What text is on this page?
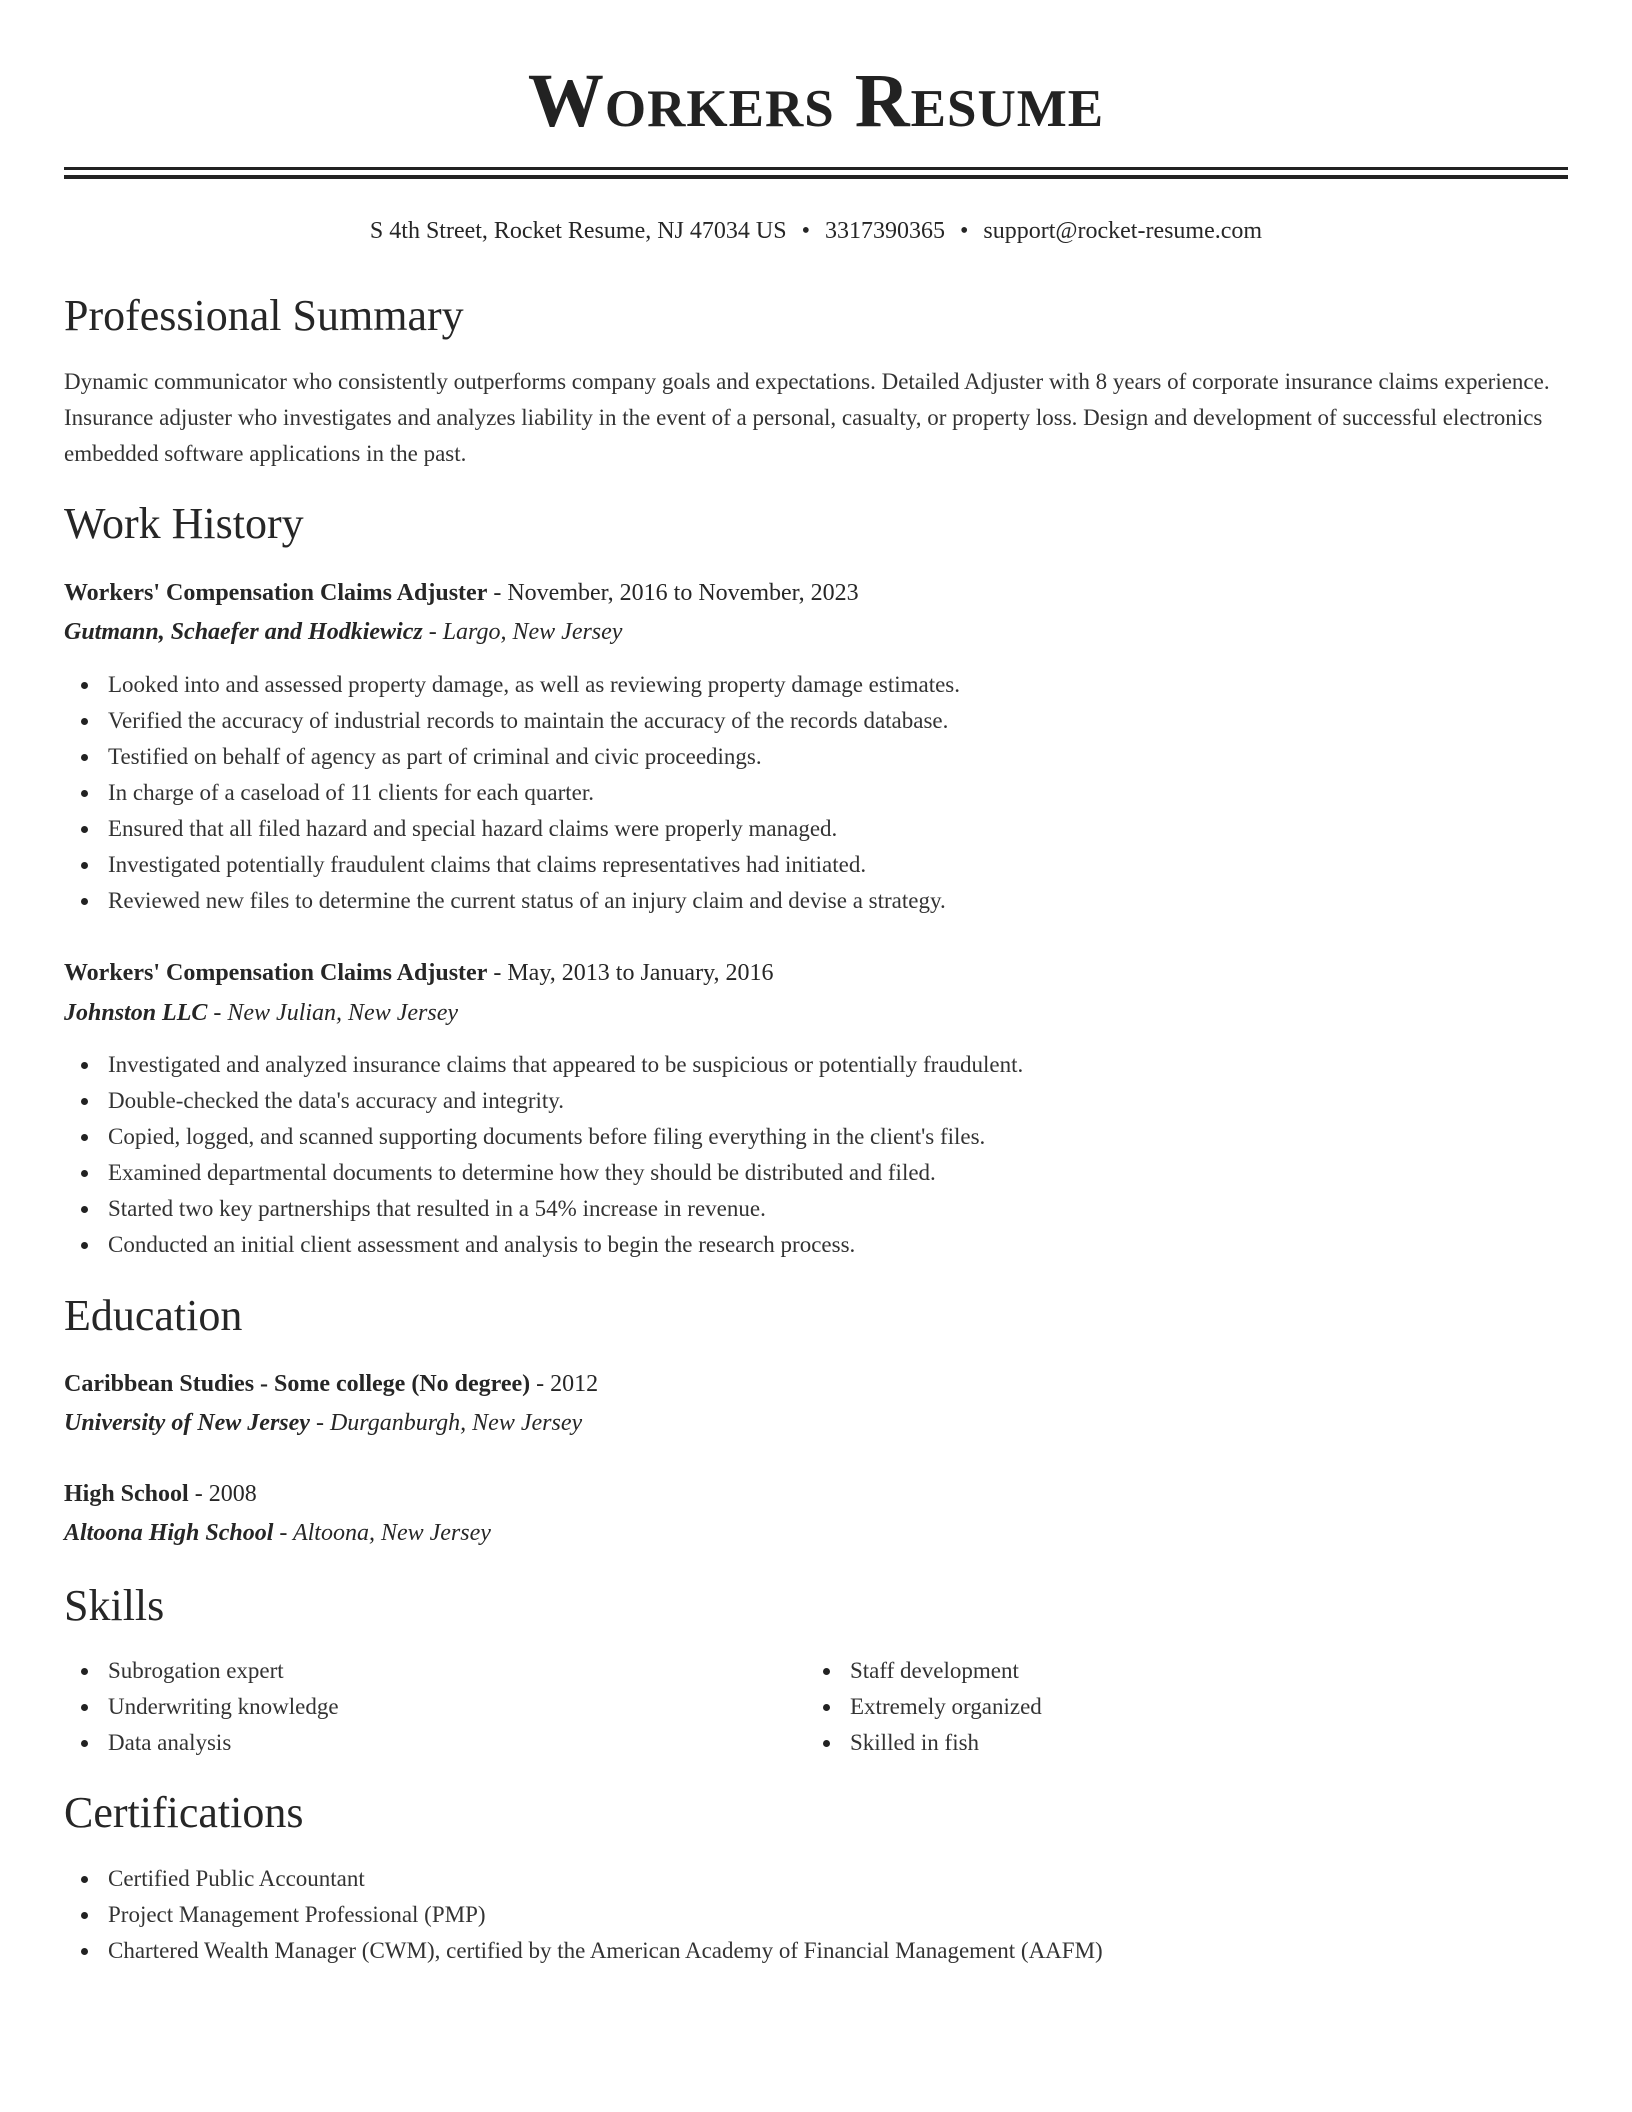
Workers Resume
S 4th Street, Rocket Resume, NJ 47034 US • 3317390365 • support@rocket-resume.com
Professional Summary
Dynamic communicator who consistently outperforms company goals and expectations. Detailed Adjuster with 8 years of corporate insurance claims experience. Insurance adjuster who investigates and analyzes liability in the event of a personal, casualty, or property loss. Design and development of successful electronics embedded software applications in the past.
Work History
Workers' Compensation Claims Adjuster - November, 2016 to November, 2023
Gutmann, Schaefer and Hodkiewicz - Largo, New Jersey
Looked into and assessed property damage, as well as reviewing property damage estimates.
Verified the accuracy of industrial records to maintain the accuracy of the records database.
Testified on behalf of agency as part of criminal and civic proceedings.
In charge of a caseload of 11 clients for each quarter.
Ensured that all filed hazard and special hazard claims were properly managed.
Investigated potentially fraudulent claims that claims representatives had initiated.
Reviewed new files to determine the current status of an injury claim and devise a strategy.
Workers' Compensation Claims Adjuster - May, 2013 to January, 2016
Johnston LLC - New Julian, New Jersey
Investigated and analyzed insurance claims that appeared to be suspicious or potentially fraudulent.
Double-checked the data's accuracy and integrity.
Copied, logged, and scanned supporting documents before filing everything in the client's files.
Examined departmental documents to determine how they should be distributed and filed.
Started two key partnerships that resulted in a 54% increase in revenue.
Conducted an initial client assessment and analysis to begin the research process.
Education
Caribbean Studies - Some college (No degree) - 2012
University of New Jersey - Durganburgh, New Jersey
High School - 2008
Altoona High School - Altoona, New Jersey
Skills
Subrogation expert
Underwriting knowledge
Data analysis
Staff development
Extremely organized
Skilled in fish
Certifications
Certified Public Accountant
Project Management Professional (PMP)
Chartered Wealth Manager (CWM), certified by the American Academy of Financial Management (AAFM)
